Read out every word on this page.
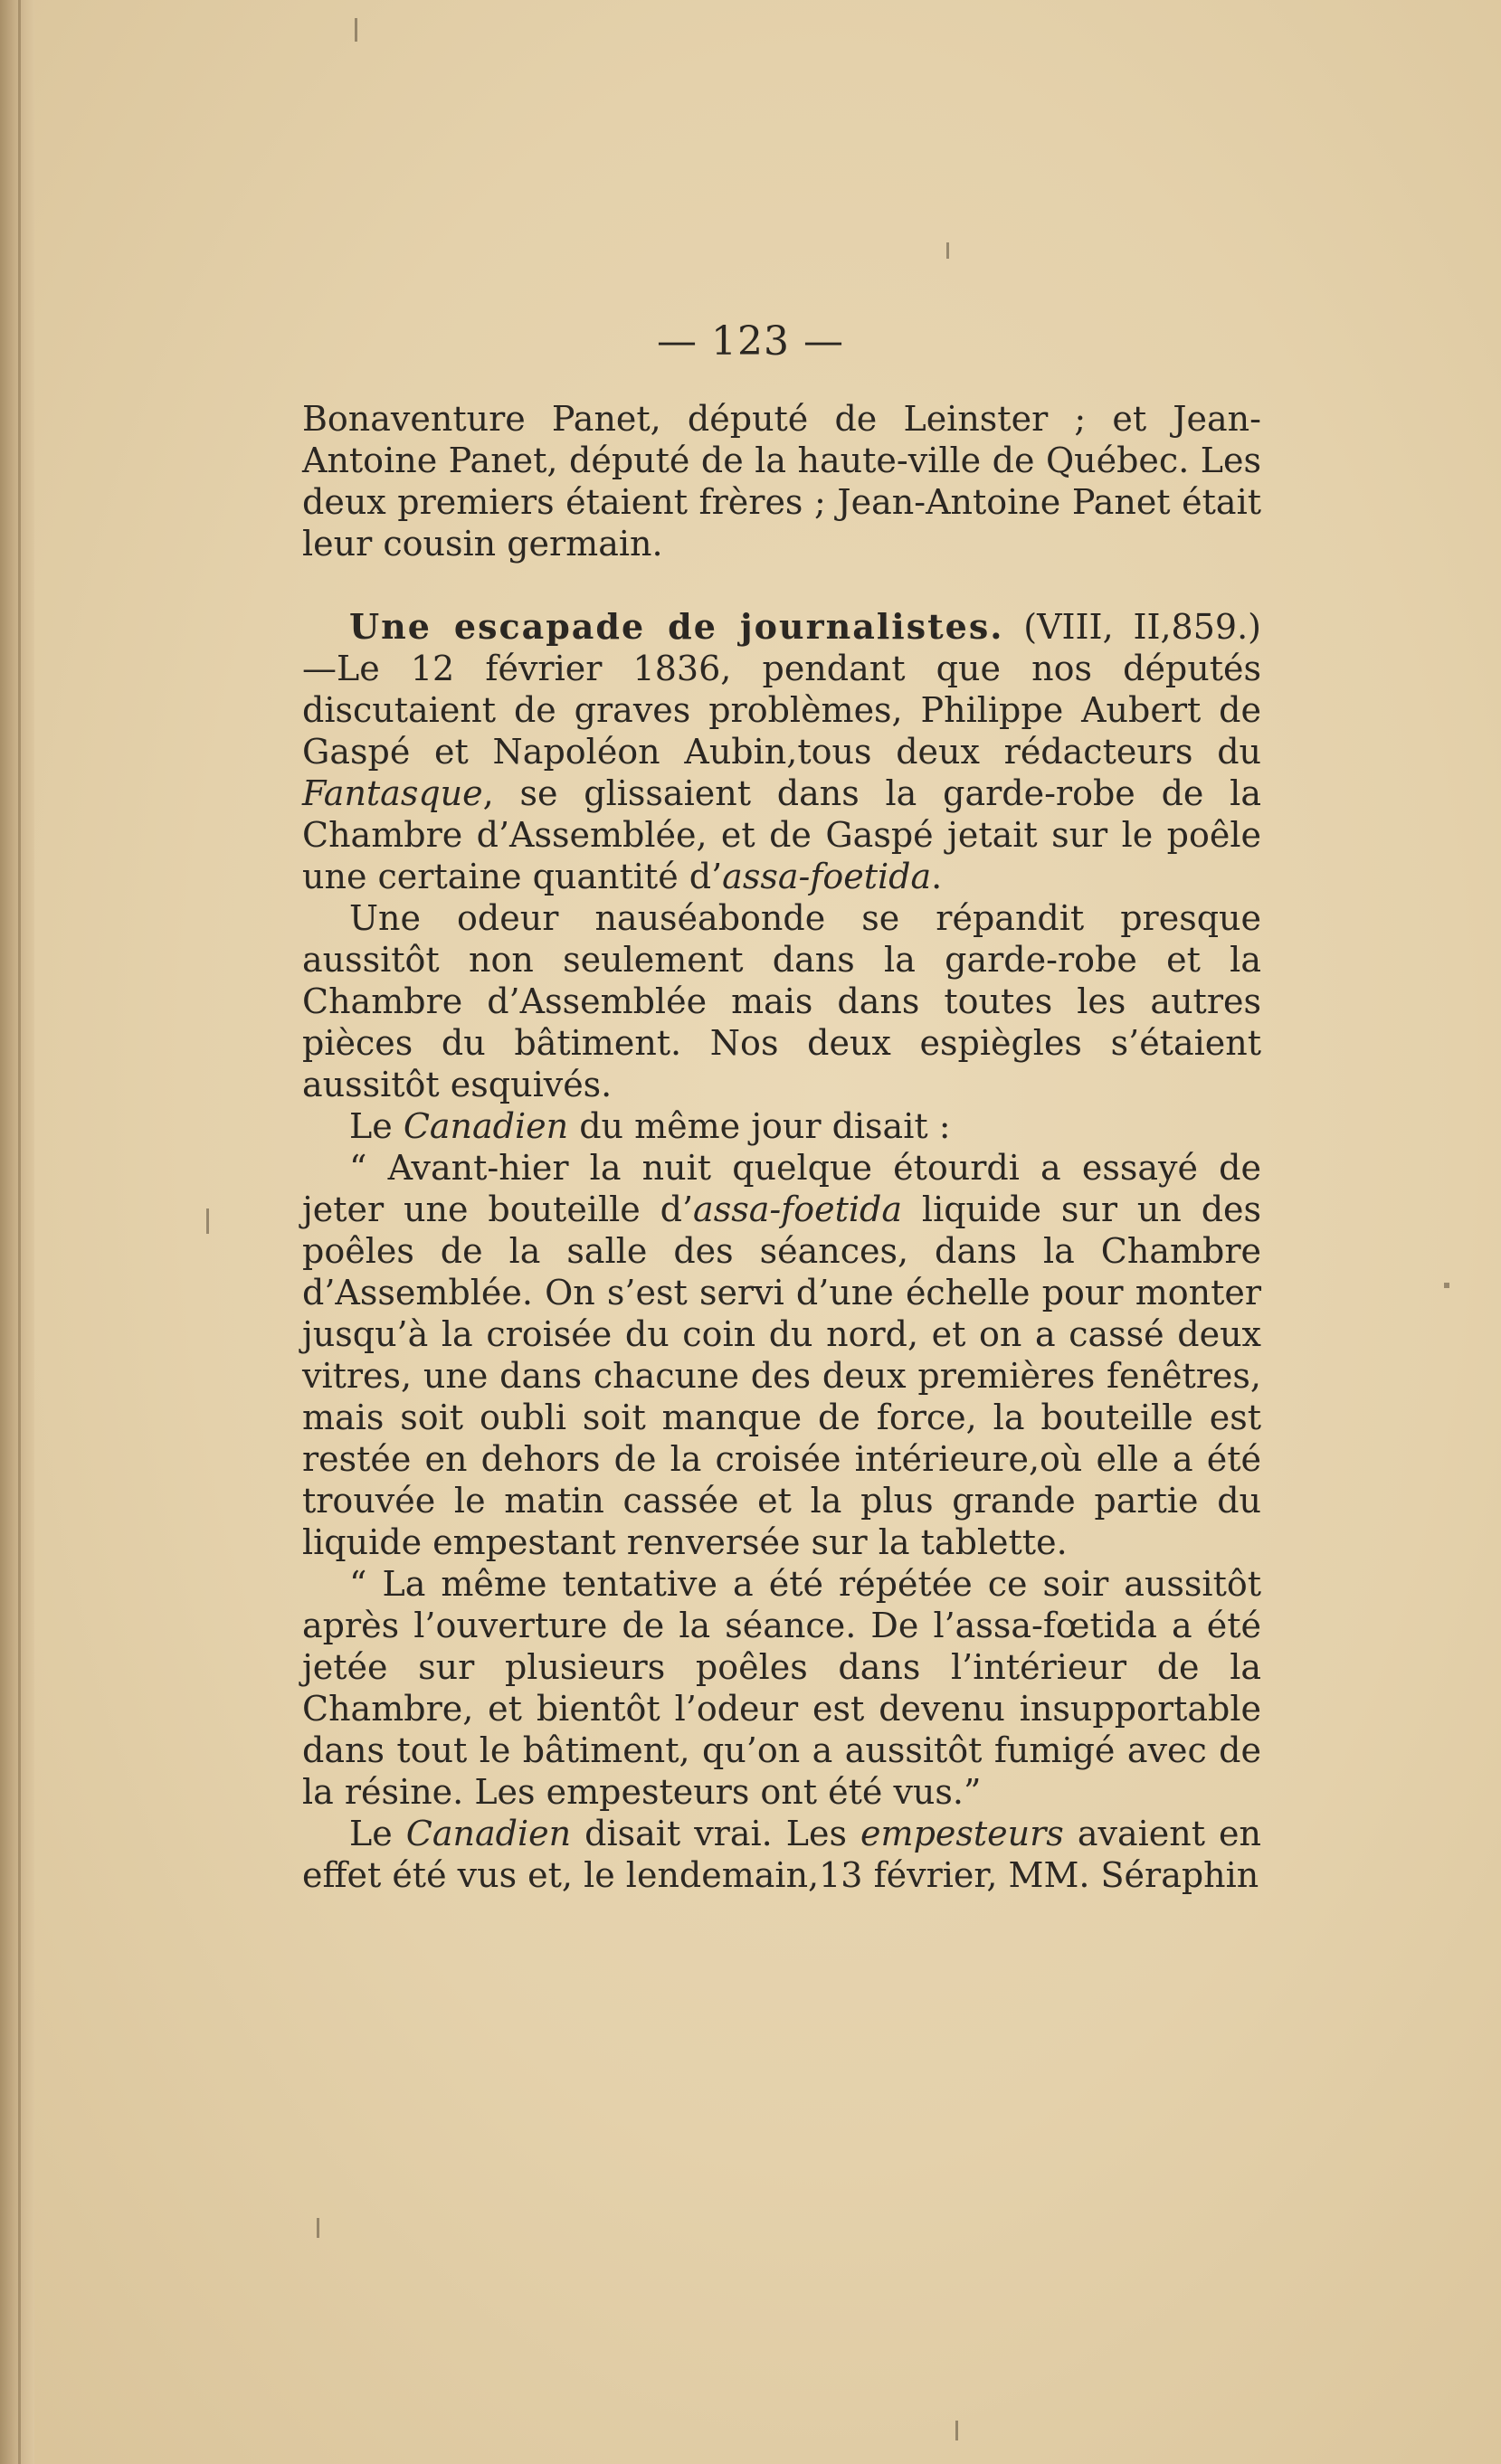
— 123 —

Bonaventure Panet, député de Leinster ; et Jean-Antoine Panet, député de la haute-ville de Québec. Les deux premiers étaient frères ; Jean-Antoine Panet était leur cousin germain.

Une escapade de journalistes. (VIII, II,859.) —Le 12 février 1836, pendant que nos députés discutaient de graves problèmes, Philippe Aubert de Gaspé et Napoléon Aubin,tous deux rédacteurs du Fantasque, se glissaient dans la garde-robe de la Chambre d’Assemblée, et de Gaspé jetait sur le poêle une certaine quantité d’assa-foetida.

Une odeur nauséabonde se répandit presque aussitôt non seulement dans la garde-robe et la Chambre d’Assemblée mais dans toutes les autres pièces du bâtiment. Nos deux espiègles s’étaient aussitôt esquivés.

Le Canadien du même jour disait :

“ Avant-hier la nuit quelque étourdi a essayé de jeter une bouteille d’assa-foetida liquide sur un des poêles de la salle des séances, dans la Chambre d’Assemblée. On s’est servi d’une échelle pour monter jusqu’à la croisée du coin du nord, et on a cassé deux vitres, une dans chacune des deux premières fenêtres, mais soit oubli soit manque de force, la bouteille est restée en dehors de la croisée intérieure,où elle a été trouvée le matin cassée et la plus grande partie du liquide empestant renversée sur la tablette.

“ La même tentative a été répétée ce soir aussitôt après l’ouverture de la séance. De l’assa-fœtida a été jetée sur plusieurs poêles dans l’intérieur de la Chambre, et bientôt l’odeur est devenu insupportable dans tout le bâtiment, qu’on a aussitôt fumigé avec de la résine. Les empesteurs ont été vus.”

Le Canadien disait vrai. Les empesteurs avaient en effet été vus et, le lendemain,13 février, MM. Séraphin
